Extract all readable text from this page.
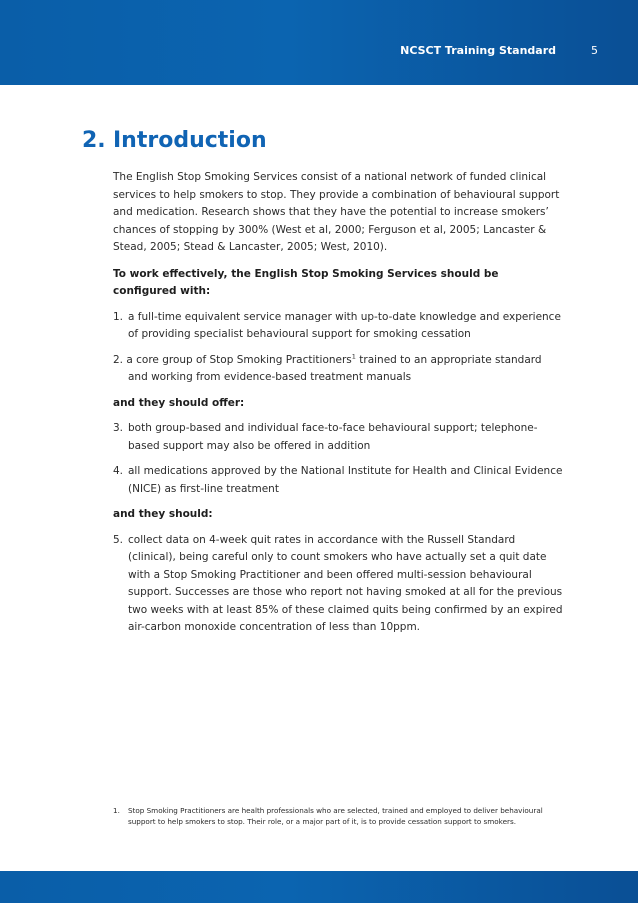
NCSCT Training Standard	5
2. Introduction

The English Stop Smoking Services consist of a national network of funded clinical services to help smokers to stop. They provide a combination of behavioural support and medication. Research shows that they have the potential to increase smokers’ chances of stopping by 300% (West et al, 2000; Ferguson et al, 2005; Lancaster & Stead, 2005; Stead & Lancaster, 2005; West, 2010).

To work effectively, the English Stop Smoking Services should be configured with:

1. a full-time equivalent service manager with up-to-date knowledge and experience of providing specialist behavioural support for smoking cessation
2. a core group of Stop Smoking Practitioners$^1$ trained to an appropriate standard and working from evidence-based treatment manuals

and they should offer:

3. both group-based and individual face-to-face behavioural support; telephone-based support may also be offered in addition
4. all medications approved by the National Institute for Health and Clinical Evidence (NICE) as first-line treatment

and they should:

5. collect data on 4-week quit rates in accordance with the Russell Standard (clinical), being careful only to count smokers who have actually set a quit date with a Stop Smoking Practitioner and been offered multi-session behavioural support. Successes are those who report not having smoked at all for the previous two weeks with at least 85% of these claimed quits being confirmed by an expired air-carbon monoxide concentration of less than 10ppm.
1.	Stop Smoking Practitioners are health professionals who are selected, trained and employed to deliver behavioural support to help smokers to stop. Their role, or a major part of it, is to provide cessation support to smokers.
